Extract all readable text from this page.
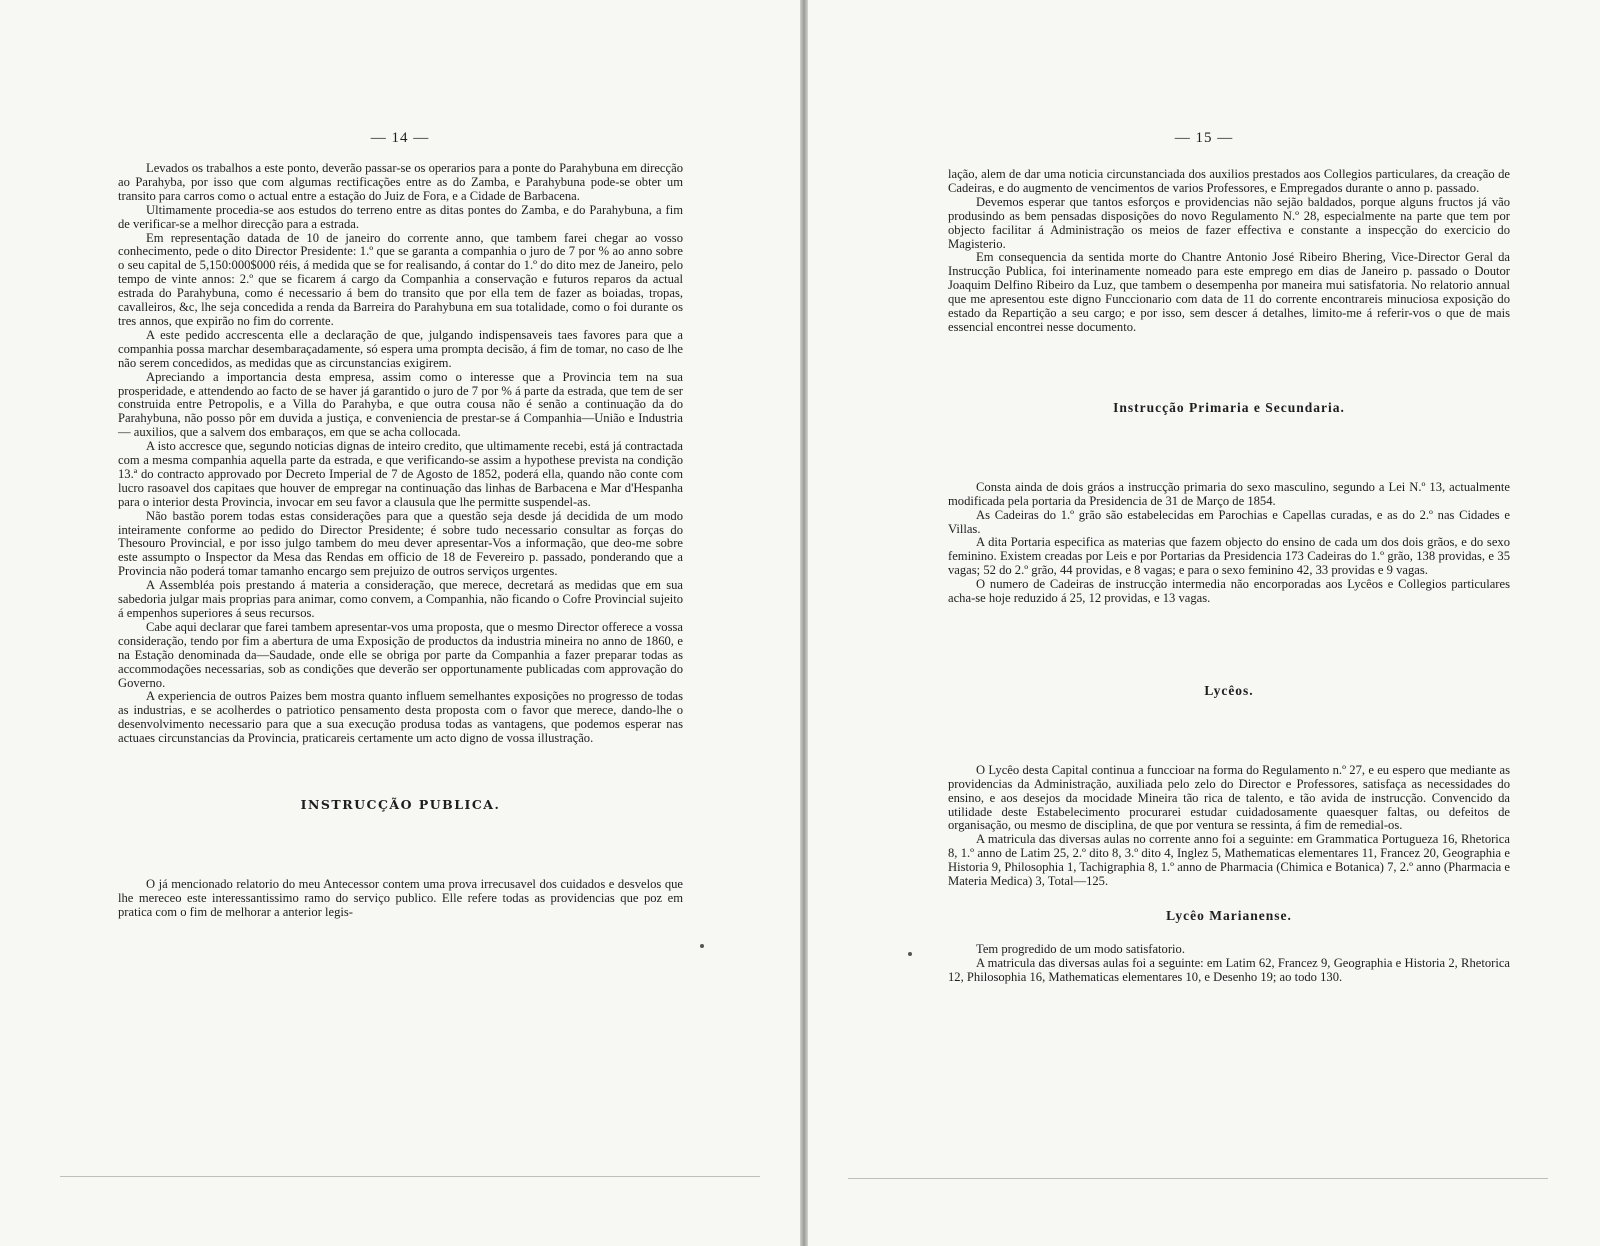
— 14 —

Levados os trabalhos a este ponto, deverão passar-se os operarios para a ponte do Parahybuna em direcção ao Parahyba, por isso que com algumas rectificações entre as do Zamba, e Parahybuna pode-se obter um transito para carros como o actual entre a estação do Juiz de Fora, e a Cidade de Barbacena.

Ultimamente procedia-se aos estudos do terreno entre as ditas pontes do Zamba, e do Parahybuna, a fim de verificar-se a melhor direcção para a estrada.

Em representação datada de 10 de janeiro do corrente anno, que tambem farei chegar ao vosso conhecimento, pede o dito Director Presidente: 1.º que se garanta a companhia o juro de 7 por % ao anno sobre o seu capital de 5,150:000$000 réis, á medida que se for realisando, á contar do 1.º do dito mez de Janeiro, pelo tempo de vinte annos: 2.º que se ficarem á cargo da Companhia a conservação e futuros reparos da actual estrada do Parahybuna, como é necessario á bem do transito que por ella tem de fazer as boiadas, tropas, cavalleiros, &c, lhe seja concedida a renda da Barreira do Parahybuna em sua totalidade, como o foi durante os tres annos, que expirão no fim do corrente.

A este pedido accrescenta elle a declaração de que, julgando indispensaveis taes favores para que a companhia possa marchar desembaraçadamente, só espera uma prompta decisão, á fim de tomar, no caso de lhe não serem concedidos, as medidas que as circunstancias exigirem.

Apreciando a importancia desta empresa, assim como o interesse que a Provincia tem na sua prosperidade, e attendendo ao facto de se haver já garantido o juro de 7 por % á parte da estrada, que tem de ser construida entre Petropolis, e a Villa do Parahyba, e que outra cousa não é senão a continuação da do Parahybuna, não posso pôr em duvida a justiça, e conveniencia de prestar-se á Companhia—União e Industria— auxilios, que a salvem dos embaraços, em que se acha collocada.

A isto accresce que, segundo noticias dignas de inteiro credito, que ultimamente recebi, está já contractada com a mesma companhia aquella parte da estrada, e que verificando-se assim a hypothese prevista na condição 13.ª do contracto approvado por Decreto Imperial de 7 de Agosto de 1852, poderá ella, quando não conte com lucro rasoavel dos capitaes que houver de empregar na continuação das linhas de Barbacena e Mar d'Hespanha para o interior desta Provincia, invocar em seu favor a clausula que lhe permitte suspendel-as.

Não bastão porem todas estas considerações para que a questão seja desde já decidida de um modo inteiramente conforme ao pedido do Director Presidente; é sobre tudo necessario consultar as forças do Thesouro Provincial, e por isso julgo tambem do meu dever apresentar-Vos a informação, que deo-me sobre este assumpto o Inspector da Mesa das Rendas em officio de 18 de Fevereiro p. passado, ponderando que a Provincia não poderá tomar tamanho encargo sem prejuizo de outros serviços urgentes.

A Assembléa pois prestando á materia a consideração, que merece, decretará as medidas que em sua sabedoria julgar mais proprias para animar, como convem, a Companhia, não ficando o Cofre Provincial sujeito á empenhos superiores á seus recursos.

Cabe aqui declarar que farei tambem apresentar-vos uma proposta, que o mesmo Director offerece a vossa consideração, tendo por fim a abertura de uma Exposição de productos da industria mineira no anno de 1860, e na Estação denominada da—Saudade, onde elle se obriga por parte da Companhia a fazer preparar todas as accommodações necessarias, sob as condições que deverão ser opportunamente publicadas com approvação do Governo.

A experiencia de outros Paizes bem mostra quanto influem semelhantes exposições no progresso de todas as industrias, e se acolherdes o patriotico pensamento desta proposta com o favor que merece, dando-lhe o desenvolvimento necessario para que a sua execução produsa todas as vantagens, que podemos esperar nas actuaes circunstancias da Provincia, praticareis certamente um acto digno de vossa illustração.

INSTRUCÇÃO PUBLICA.

O já mencionado relatorio do meu Antecessor contem uma prova irrecusavel dos cuidados e desvelos que lhe mereceo este interessantissimo ramo do serviço publico. Elle refere todas as providencias que poz em pratica com o fim de melhorar a anterior legis-

— 15 —

lação, alem de dar uma noticia circunstanciada dos auxilios prestados aos Collegios particulares, da creação de Cadeiras, e do augmento de vencimentos de varios Professores, e Empregados durante o anno p. passado.

Devemos esperar que tantos esforços e providencias não sejão baldados, porque alguns fructos já vão produsindo as bem pensadas disposições do novo Regulamento N.º 28, especialmente na parte que tem por objecto facilitar á Administração os meios de fazer effectiva e constante a inspecção do exercicio do Magisterio.

Em consequencia da sentida morte do Chantre Antonio José Ribeiro Bhering, Vice-Director Geral da Instrucção Publica, foi interinamente nomeado para este emprego em dias de Janeiro p. passado o Doutor Joaquim Delfino Ribeiro da Luz, que tambem o desempenha por maneira mui satisfatoria. No relatorio annual que me apresentou este digno Funccionario com data de 11 do corrente encontrareis minuciosa exposição do estado da Repartição a seu cargo; e por isso, sem descer á detalhes, limito-me á referir-vos o que de mais essencial encontrei nesse documento.

Instrucção Primaria e Secundaria.

Consta ainda de dois gráos a instrucção primaria do sexo masculino, segundo a Lei N.º 13, actualmente modificada pela portaria da Presidencia de 31 de Março de 1854.

As Cadeiras do 1.º grão são estabelecidas em Parochias e Capellas curadas, e as do 2.º nas Cidades e Villas.

A dita Portaria especifica as materias que fazem objecto do ensino de cada um dos dois grãos, e do sexo feminino. Existem creadas por Leis e por Portarias da Presidencia 173 Cadeiras do 1.º grão, 138 providas, e 35 vagas; 52 do 2.º grão, 44 providas, e 8 vagas; e para o sexo feminino 42, 33 providas e 9 vagas.

O numero de Cadeiras de instrucção intermedia não encorporadas aos Lycêos e Collegios particulares acha-se hoje reduzido á 25, 12 providas, e 13 vagas.

Lycêos.

O Lycêo desta Capital continua a funccioar na forma do Regulamento n.º 27, e eu espero que mediante as providencias da Administração, auxiliada pelo zelo do Director e Professores, satisfaça as necessidades do ensino, e aos desejos da mocidade Mineira tão rica de talento, e tão avida de instrucção. Convencido da utilidade deste Estabelecimento procurarei estudar cuidadosamente quaesquer faltas, ou defeitos de organisação, ou mesmo de disciplina, de que por ventura se ressinta, á fim de remedial-os.

A matricula das diversas aulas no corrente anno foi a seguinte: em Grammatica Portugueza 16, Rhetorica 8, 1.º anno de Latim 25, 2.º dito 8, 3.º dito 4, Inglez 5, Mathematicas elementares 11, Francez 20, Geographia e Historia 9, Philosophia 1, Tachigraphia 8, 1.º anno de Pharmacia (Chimica e Botanica) 7, 2.º anno (Pharmacia e Materia Medica) 3, Total—125.

Lycêo Marianense.

Tem progredido de um modo satisfatorio.

A matricula das diversas aulas foi a seguinte: em Latim 62, Francez 9, Geographia e Historia 2, Rhetorica 12, Philosophia 16, Mathematicas elementares 10, e Desenho 19; ao todo 130.
